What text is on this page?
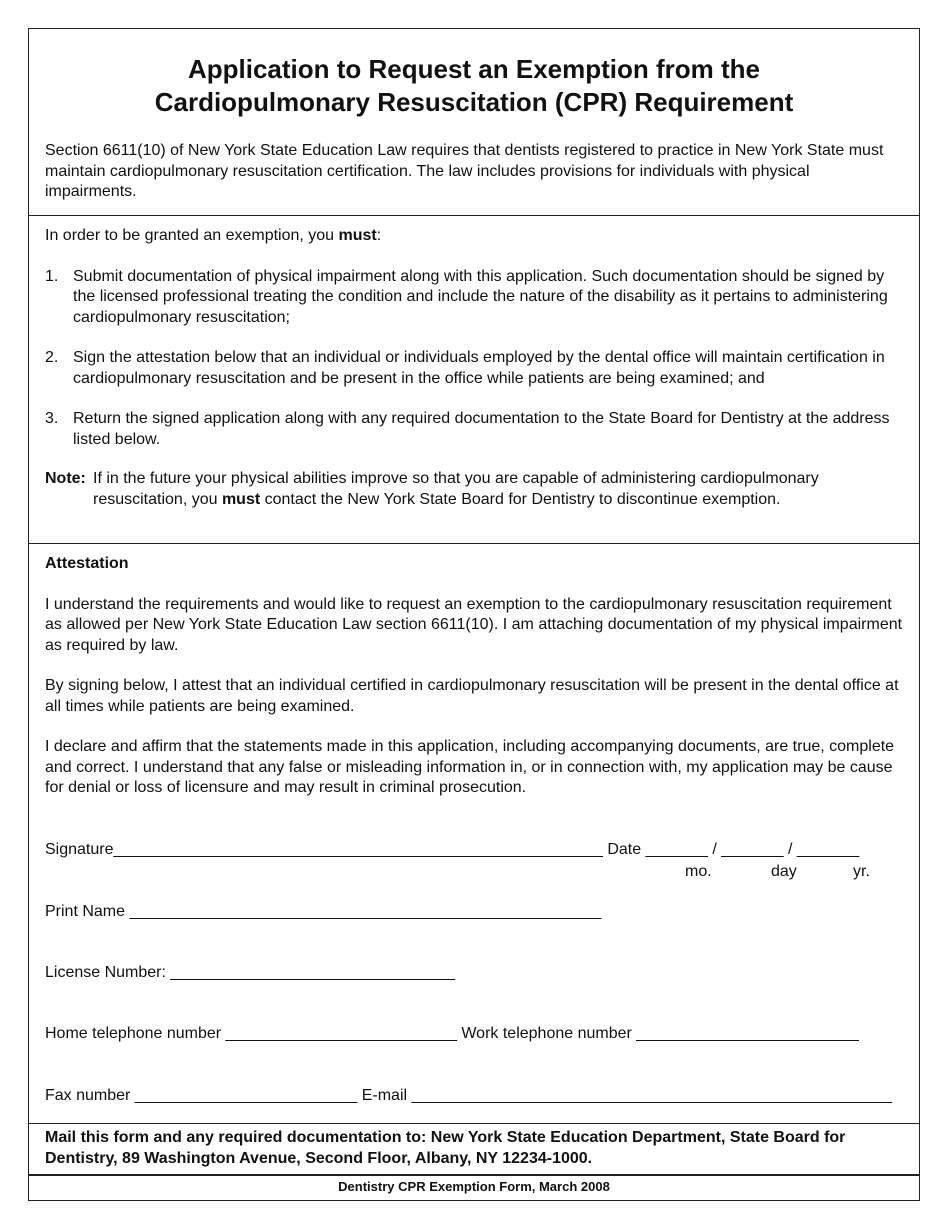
Application to Request an Exemption from the
Cardiopulmonary Resuscitation (CPR) Requirement

Section 6611(10) of New York State Education Law requires that dentists registered to practice in New York State must maintain cardiopulmonary resuscitation certification. The law includes provisions for individuals with physical impairments.

In order to be granted an exemption, you must:

1. Submit documentation of physical impairment along with this application. Such documentation should be signed by the licensed professional treating the condition and include the nature of the disability as it pertains to administering cardiopulmonary resuscitation;
2. Sign the attestation below that an individual or individuals employed by the dental office will maintain certification in cardiopulmonary resuscitation and be present in the office while patients are being examined; and
3. Return the signed application along with any required documentation to the State Board for Dentistry at the address listed below.
Note: If in the future your physical abilities improve so that you are capable of administering cardiopulmonary resuscitation, you must contact the New York State Board for Dentistry to discontinue exemption.

Attestation

I understand the requirements and would like to request an exemption to the cardiopulmonary resuscitation requirement as allowed per New York State Education Law section 6611(10). I am attaching documentation of my physical impairment as required by law.

By signing below, I attest that an individual certified in cardiopulmonary resuscitation will be present in the dental office at all times while patients are being examined.

I declare and affirm that the statements made in this application, including accompanying documents, are true, complete and correct. I understand that any false or misleading information in, or in connection with, my application may be cause for denial or loss of licensure and may result in criminal prosecution.

Signature_______________________________________________________ Date _______ / _______ / _______
mo.	day	yr.
Print Name _____________________________________________________
License Number: ________________________________
Home telephone number __________________________ Work telephone number _________________________
Fax number _________________________ E-mail ______________________________________________________

Mail this form and any required documentation to: New York State Education Department, State Board for Dentistry, 89 Washington Avenue, Second Floor, Albany, NY 12234-1000.

Dentistry CPR Exemption Form, March 2008
